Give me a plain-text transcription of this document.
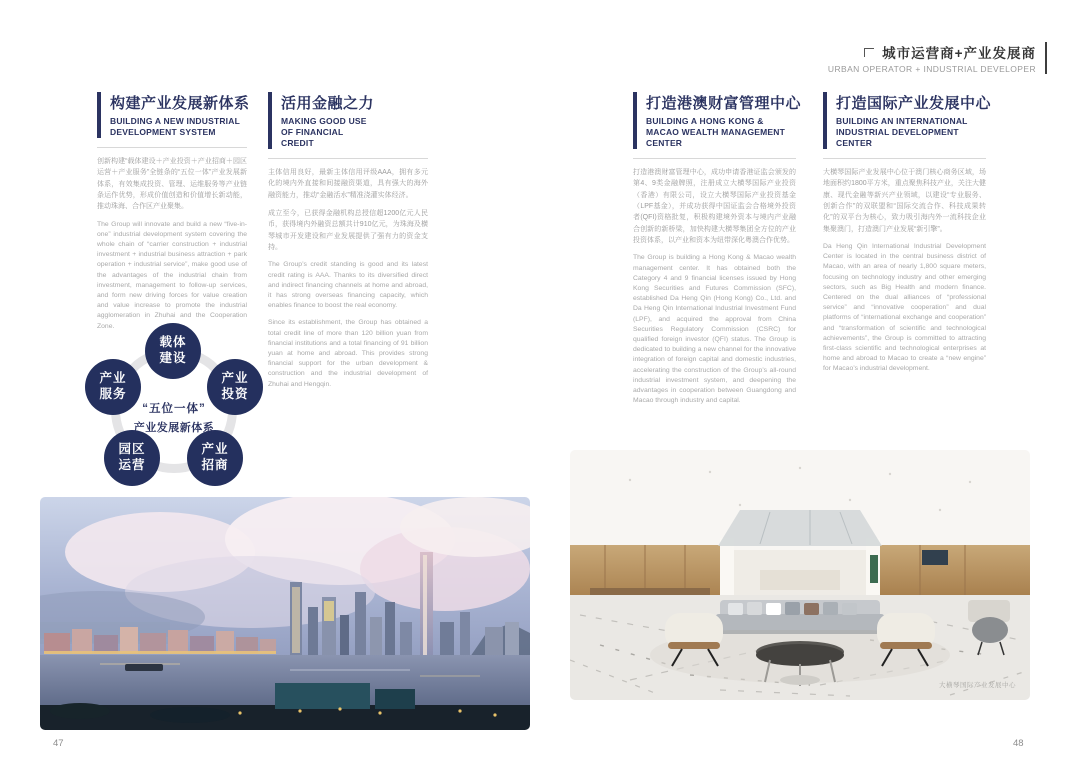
城市运营商+产业发展商
URBAN OPERATOR + INDUSTRIAL DEVELOPER
构建产业发展新体系
BUILDING A NEW INDUSTRIAL DEVELOPMENT SYSTEM

创新构建“载体建设＋产业投资＋产业招商＋园区运营＋产业服务”全链条的“五位一体”产业发展新体系，有效集成投资、管理、运维服务等产业链条运作优势，形成价值创造和价值增长新动能，推动珠海、合作区产业聚集。

The Group will innovate and build a new “five-in-one” industrial development system covering the whole chain of “carrier construction + industrial investment + industrial business attraction + park operation + industrial service”, make good use of the advantages of the industrial chain from investment, management to follow-up services, and form new driving forces for value creation and value increase to promote the industrial agglomeration in Zhuhai and the Cooperation Zone.

活用金融之力
MAKING GOOD USE OF FINANCIAL CREDIT

主体信用良好，最新主体信用评级AAA，拥有多元化的境内外直接和间接融资渠道，具有强大的海外融资能力，推动“金融活水”精准浇灌实体经济。

成立至今，已获得金融机构总授信超1200亿元人民币，获得境内外融资总额共计910亿元，为珠海及横琴城市开发建设和产业发展提供了强有力的资金支持。

The Group’s credit standing is good and its latest credit rating is AAA. Thanks to its diversified direct and indirect financing channels at home and abroad, it has strong overseas financing capacity, which enables finance to boost the real economy.

Since its establishment, the Group has obtained a total credit line of more than 120 billion yuan from financial institutions and a total financing of 91 billion yuan at home and abroad. This provides strong financial support for the urban development & construction and the industrial development of Zhuhai and Hengqin.

打造港澳财富管理中心
BUILDING A HONG KONG & MACAO WEALTH MANAGEMENT CENTER

打造港澳财富管理中心，成功申请香港证监会颁发的第4、9类金融牌照，注册成立大横琴国际产业投资（香港）有限公司，设立大横琴国际产业投资基金（LPF基金），并成功获得中国证监会合格境外投资者(QFI)资格批复，积极构建境外资本与境内产业融合创新的新桥梁，加快构建大横琴集团全方位的产业投资体系，以产业和资本为纽带深化粤澳合作优势。

The Group is building a Hong Kong & Macao wealth management center. It has obtained both the Category 4 and 9 financial licenses issued by Hong Kong Securities and Futures Commission (SFC), established Da Heng Qin (Hong Kong) Co., Ltd. and Da Heng Qin International Industrial Investment Fund (LPF), and acquired the approval from China Securities Regulatory Commission (CSRC) for qualified foreign investor (QFI) status. The Group is dedicated to building a new channel for the innovative integration of foreign capital and domestic industries, accelerating the construction of the Group’s all-round industrial investment system, and deepening the advantages in cooperation between Guangdong and Macao through industry and capital.

打造国际产业发展中心
BUILDING AN INTERNATIONAL INDUSTRIAL DEVELOPMENT CENTER

大横琴国际产业发展中心位于澳门核心商务区域，场地面积约1800平方米，重点聚焦科技产业，关注大健康、现代金融等新兴产业领域，以建设“专业服务、创新合作”的双联盟和“国际交流合作、科技成果转化”的双平台为核心，致力吸引海内外一流科技企业集聚澳门，打造澳门产业发展“新引擎”。

Da Heng Qin International Industrial Development Center is located in the central business district of Macao, with an area of nearly 1,800 square meters, focusing on technology industry and other emerging sectors, such as Big Health and modern finance. Centered on the dual alliances of “professional service” and “innovative cooperation” and dual platforms of “international exchange and cooperation” and “transformation of scientific and technological achievements”, the Group is committed to attracting first-class scientific and technological enterprises at home and abroad to Macao to create a “new engine” for Macao’s industrial development.

载体建设
产业服务
产业投资
园区运营
产业招商
“五位一体”
产业发展新体系
大横琴国际产业发展中心
47	48
